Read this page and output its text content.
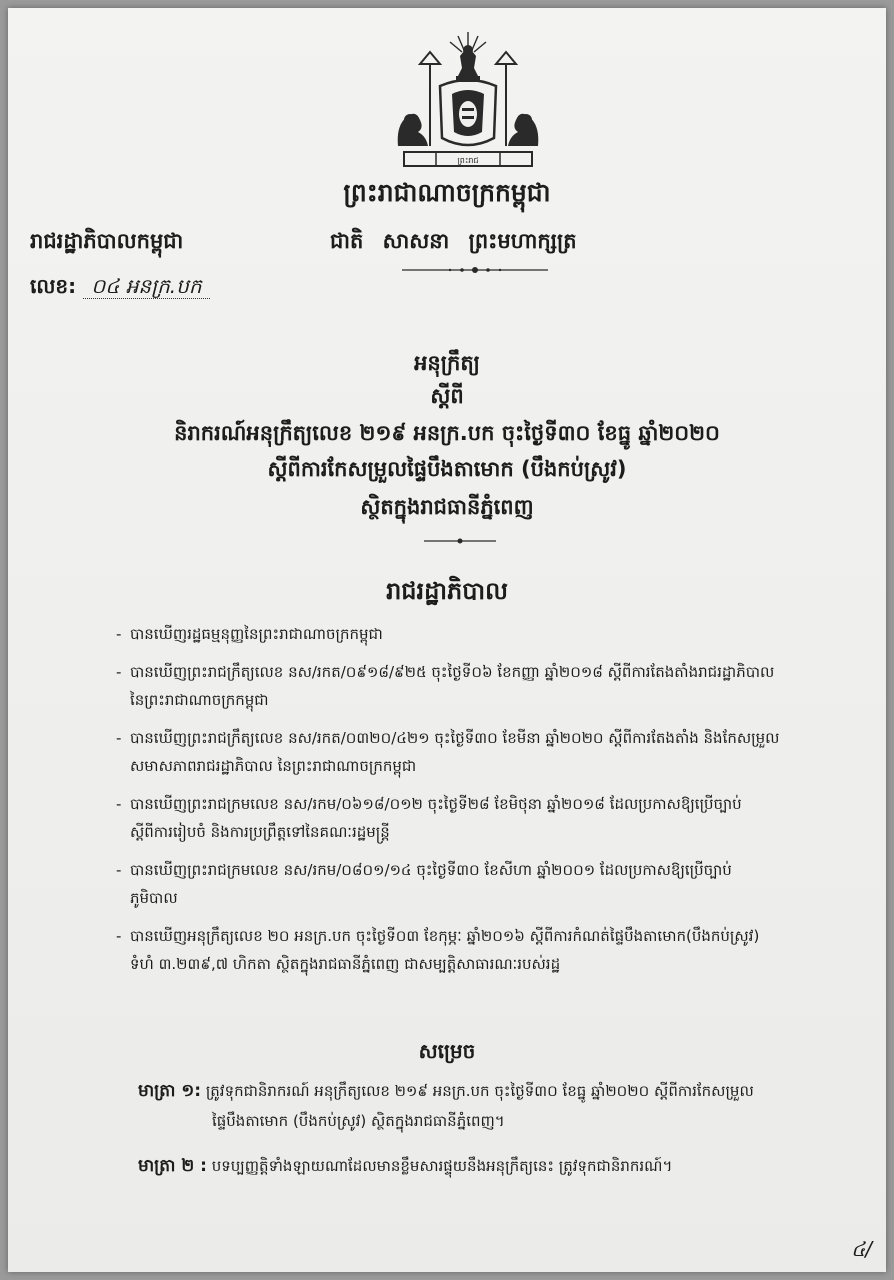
ព្រះរាជ
ព្រះរាជាណាចក្រកម្ពុជា
រាជរដ្ឋាភិបាលកម្ពុជា	ជាតិ សាសនា ព្រះមហាក្សត្រ
លេខ: ០៤ អនក្រ.បក
អនុក្រឹត្យ
ស្តីពី
និរាករណ៍អនុក្រឹត្យលេខ ២១៩ អនក្រ.បក ចុះថ្ងៃទី៣០ ខែធ្នូ ឆ្នាំ២០២០
ស្តីពីការកែសម្រួលផ្ទៃបឹងតាមោក (បឹងកប់ស្រូវ)
ស្ថិតក្នុងរាជធានីភ្នំពេញ
រាជរដ្ឋាភិបាល
- បានឃើញរដ្ឋធម្មនុញ្ញនៃព្រះរាជាណាចក្រកម្ពុជា
- បានឃើញព្រះរាជក្រឹត្យលេខ នស/រកត/០៩១៨/៩២៥ ចុះថ្ងៃទី០៦ ខែកញ្ញា ឆ្នាំ២០១៨ ស្តីពីការតែងតាំងរាជរដ្ឋាភិបាល
នៃព្រះរាជាណាចក្រកម្ពុជា
- បានឃើញព្រះរាជក្រឹត្យលេខ នស/រកត/០៣២០/៤២១ ចុះថ្ងៃទី៣០ ខែមីនា ឆ្នាំ២០២០ ស្តីពីការតែងតាំង និងកែសម្រួល
សមាសភាពរាជរដ្ឋាភិបាល នៃព្រះរាជាណាចក្រកម្ពុជា
- បានឃើញព្រះរាជក្រមលេខ នស/រកម/០៦១៨/០១២ ចុះថ្ងៃទី២៨ ខែមិថុនា ឆ្នាំ២០១៨ ដែលប្រកាសឱ្យប្រើច្បាប់
ស្តីពីការរៀបចំ និងការប្រព្រឹត្តទៅនៃគណៈរដ្ឋមន្ត្រី
- បានឃើញព្រះរាជក្រមលេខ នស/រកម/០៨០១/១៤ ចុះថ្ងៃទី៣០ ខែសីហា ឆ្នាំ២០០១ ដែលប្រកាសឱ្យប្រើច្បាប់
ភូមិបាល
- បានឃើញអនុក្រឹត្យលេខ ២០ អនក្រ.បក ចុះថ្ងៃទី០៣ ខែកុម្ភៈ ឆ្នាំ២០១៦ ស្តីពីការកំណត់ផ្ទៃបឹងតាមោក(បឹងកប់ស្រូវ)
ទំហំ ៣.២៣៩,៧ ហិកតា ស្ថិតក្នុងរាជធានីភ្នំពេញ ជាសម្បត្តិសាធារណៈរបស់រដ្ឋ
សម្រេច
មាត្រា ១: ត្រូវទុកជានិរាករណ៍ អនុក្រឹត្យលេខ ២១៩ អនក្រ.បក ចុះថ្ងៃទី៣០ ខែធ្នូ ឆ្នាំ២០២០ ស្តីពីការកែសម្រួល
ផ្ទៃបឹងតាមោក (បឹងកប់ស្រូវ) ស្ថិតក្នុងរាជធានីភ្នំពេញ។
មាត្រា ២ : បទប្បញ្ញត្តិទាំងឡាយណាដែលមានខ្លឹមសារផ្ទុយនឹងអនុក្រឹត្យនេះ ត្រូវទុកជានិរាករណ៍។
៤/
